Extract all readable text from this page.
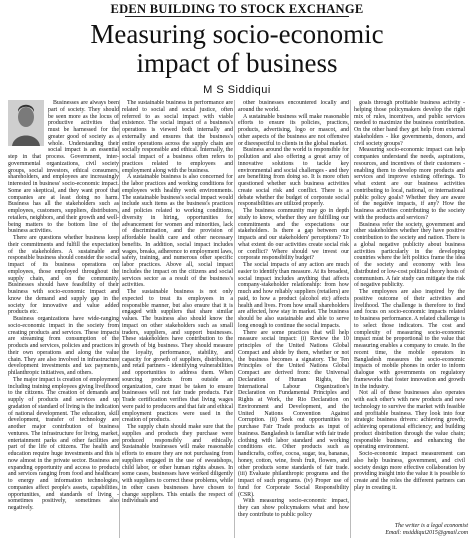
EDEN BUILDING TO STOCK EXCHANGE
Measuring socio-economic
impact of business
M S Siddiqui

Businesses are always been part of society. They should be seen more as the locus of productive activities that must be harnessed for the greater good of society as a whole. Understanding their social impact is an essential step in that process. Government, inter-governmental organizations, civil society groups, social investors, ethical consumers, shareholders, and employees are increasingly interested in business' socio-economic impact. Some are skeptical, and they want proof that companies are at least doing no harm. Business has all the stakeholders such as employees, customers, suppliers, distributors, retailers, neighbors, and their growth and well-being matters to the bottom line of the business activities.

There are questions whether business keep their commitments and fulfill the expectation of the stakeholders. A sustainable and responsible business should consider the social impact of its business operations on employees, those employed throughout the supply chain, and on the community. Businesses should have feasibility of their business with socio-economic impact and know the demand and supply gap in the society for innovative and value added products etc.

Business organizations have wide-ranging socio-economic impact in the society from creating products and services. These impacts are streaming from consumption of the products and services, policies and practices in their own operations and along the value chain. They are also involved in infrastructure development investments and tax payments, philanthropic initiatives, and others.

The major impact is creation of employment including training employees giving livelihood to the citizens. The creation of demands and supply of products and services and up gradation of standard of living is the indication of national development. The education, skill development, transfer of technology are another major contribution of business ventures. The infrastructure for living, market, entertainment parks and other facilities are part of the life of citizens. The health and education require huge investments and this is now almost in the private sector. Business are expanding opportunity and access to products and services ranging from food and healthcare to energy and information technologies, companies affect people's assets, capabilities, opportunities, and standards of living - sometimes positively, sometimes also negatively.

The sustainable business in performance are related to social and social justice, often referred to as social impact with viable existence. The social impact of a business's operations is viewed both internally and externally and ensures that the business's entire operations across the supply chain are socially responsible and ethical. Internally, the social impact of a business often refers to practices related to employees and employment along with the business.

A sustainable business is also concerned for the labor practices and working conditions for employees with healthy work environments. The sustainable business's social impact would include such items as the business's practices and policies related to working conditions, diversity in hiring, opportunities for advancement for women and minorities, lack of discrimination, and the provision of affordable health care and other necessary benefits. In addition, social impact includes wages, breaks, adherence to employment laws, safety, training, and numerous other specific labor practices. Above all, social impact includes the impact on the citizens and social services sector as a result of the business's activities.

The sustainable business is not only expected to treat its employees in a responsible manner, but also ensure that it is engaged with suppliers that share similar values. The business also should know the impact on other stakeholders such as small traders, suppliers, and support businesses. These stakeholders have contribution to the growth of big business. They should measure the loyalty, performance, stability, and capacity for growth of suppliers, distributors, and retail partners - identifying vulnerabilities and opportunities to address them. When sourcing products from outside an organization, care must be taken to ensure businesses will not fair trade products. Fair Trade certification verifies that living wages were paid to producers and that fair and ethical employment practices were used in the creation of products.

The supply chain should make sure that the supplies and products they purchase were produced responsibly and ethically. Sustainable businesses will make reasonable efforts to ensure they are not purchasing from suppliers engaged in the use of sweatshops, child labor, or other human rights abuses. In some cases, businesses have worked diligently with suppliers to correct these problems, while in other cases businesses have chosen to change suppliers. This entails the respect of individuals and

other businesses encountered locally and around the world.

A sustainable business will make reasonable efforts to ensure its policies, practices, products, advertising, logo or mascot, and other aspects of the business are not offensive or disrespectful to clients in the global market.

Business around the world is responsible for pollution and also offering a great array of innovative solutions to tackle key environmental and social challenges - and they are benefiting from doing so. It is more often questioned whether such business activities create social risk and conflict. There is a debate whether the budget of corporate social responsibilities are utilized properly.

The business community may go in depth study to know, whether they are fulfilling our commitments and the expectations our stakeholders. Is there a gap between our impacts and our stakeholders' perceptions? To what extent do our activities create social risk or conflict? Where should we invest our corporate responsibility budget?

The social impacts of any action are much easier to identify than measure. At its broadest, social impact includes anything that affects company-stakeholder relationship: from how much and how reliably suppliers (retailers) are paid, to how a product (alcohol etc) affects health and lives. From how small shareholders are affected, how stay in market. The business should be also sustainable and able to serve long enough to continue the social impacts.

There are some practices that will help measure social impact: (i) Review the 10 principles of the United Nations Global Compact and abide by them, whether or not the business becomes a signatory. The Ten Principles of the United Nations Global Compact are derived from: the Universal Declaration of Human Rights, the International Labour Organization's Declaration on Fundamental Principles and Rights at Work, the Rio Declaration on Environment and Development, and the United Nations Convention Against Corruption. (ii) Seek out opportunities to purchase Fair Trade products as input of business. Bangladesh is familiar with fair trade clothing with labor standard and working conditions etc. Other products such as handicrafts, coffee, cocoa, sugar, tea, bananas, honey, cotton, wine, fresh fruit, flowers, and other products some standards of fair trade. (iii) Evaluate philanthropic programs and the impact of such programs. (iv) Proper use of fund for Corporate Social Responsibility (CSR).

With measuring socio-economic impact, they can show policymakers what and how they contribute to public policy

goals through profitable business activity - helping those policymakers develop the right mix of rules, incentives, and public services needed to maximize the business contribution. On the other hand they get help from external stakeholders - like governments, donors, and civil society groups?

Measuring socio-economic impact can help companies understand the needs, aspirations, resources, and incentives of their customers - enabling them to develop more products and services and improve existing offerings. To what extent are our business activities contributing to local, national, or international public policy goals? Whether they are aware of the negative impacts, if any? How the business activities contributing to the society with the products and services?

Business refer the society, government and other stakeholders whether they have positive contribution to the society and nation. There is a global negative publicity about business activities particularly in the developing countries where the left politics frame the idea of the society and economy with less distributed or low-cost political theory hosts of communism. A fair study can mitigate the risk of negative publicity.

The employees are also inspired by the positive outcome of their activities and livelihood. The challenge is therefore to find and focus on socio-economic impacts related to business performance. A related challenge is to select those indicators. The cost and complexity of measuring socio-economic impact must be proportional to the value that measuring enables a company to create. In the recent time, the mobile operators in Bangladesh measures the socio-economic impacts of mobile phones in order to inform dialogue with governments on regulatory frameworks that foster innovation and growth in the industry.

Not all of these businesses also operates with each other's with new products and new technology to survive the market with feasible and profitable business. They look into four strategic business drivers: achieving growth; achieving operational efficiency; and building product distribution through the value chain; responsible business; and enhancing the operating environment.

Socio-economic impact measurement can also help business, government, and civil society design more effective collaboration by providing insight into the value it is possible to create and the roles the different partners can play in creating it.

The writer is a legal economist
Email: msiddiqui2015@gmail.com
